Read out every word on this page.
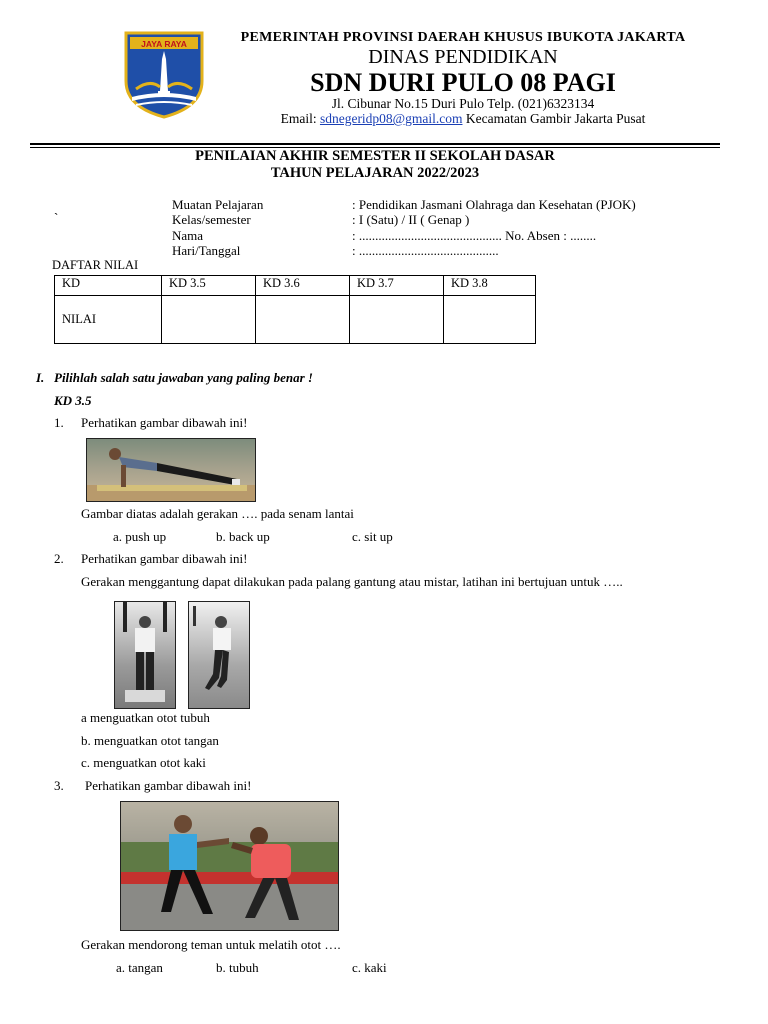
JAYA RAYA	PEMERINTAH PROVINSI DAERAH KHUSUS IBUKOTA JAKARTA
DINAS PENDIDIKAN
SDN DURI PULO 08 PAGI
Jl. Cibunar No.15 Duri Pulo Telp. (021)6323134
Email: sdnegeridp08@gmail.com Kecamatan Gambir Jakarta Pusat
PENILAIAN AKHIR SEMESTER II SEKOLAH DASAR
TAHUN PELAJARAN 2022/2023
`
Muatan Pelajaran	: Pendidikan Jasmani Olahraga dan Kesehatan (PJOK)
Kelas/semester	: I (Satu) / II ( Genap )
Nama	: ............................................ No. Absen : ........
Hari/Tanggal	: ...........................................
DAFTAR NILAI
KD	KD 3.5	KD 3.6	KD 3.7	KD 3.8
NILAI				
I. Pilihlah salah satu jawaban yang paling benar !
KD 3.5
1. Perhatikan gambar dibawah ini!
Gambar diatas adalah gerakan …. pada senam lantai
a. push up	b. back up	c. sit up
2. Perhatikan gambar dibawah ini!
Gerakan menggantung dapat dilakukan pada palang gantung atau mistar, latihan ini bertujuan untuk …..
a menguatkan otot tubuh
b. menguatkan otot tangan
c. menguatkan otot kaki
3. Perhatikan gambar dibawah ini!
Gerakan mendorong teman untuk melatih otot ….
a. tangan	b. tubuh	c. kaki
